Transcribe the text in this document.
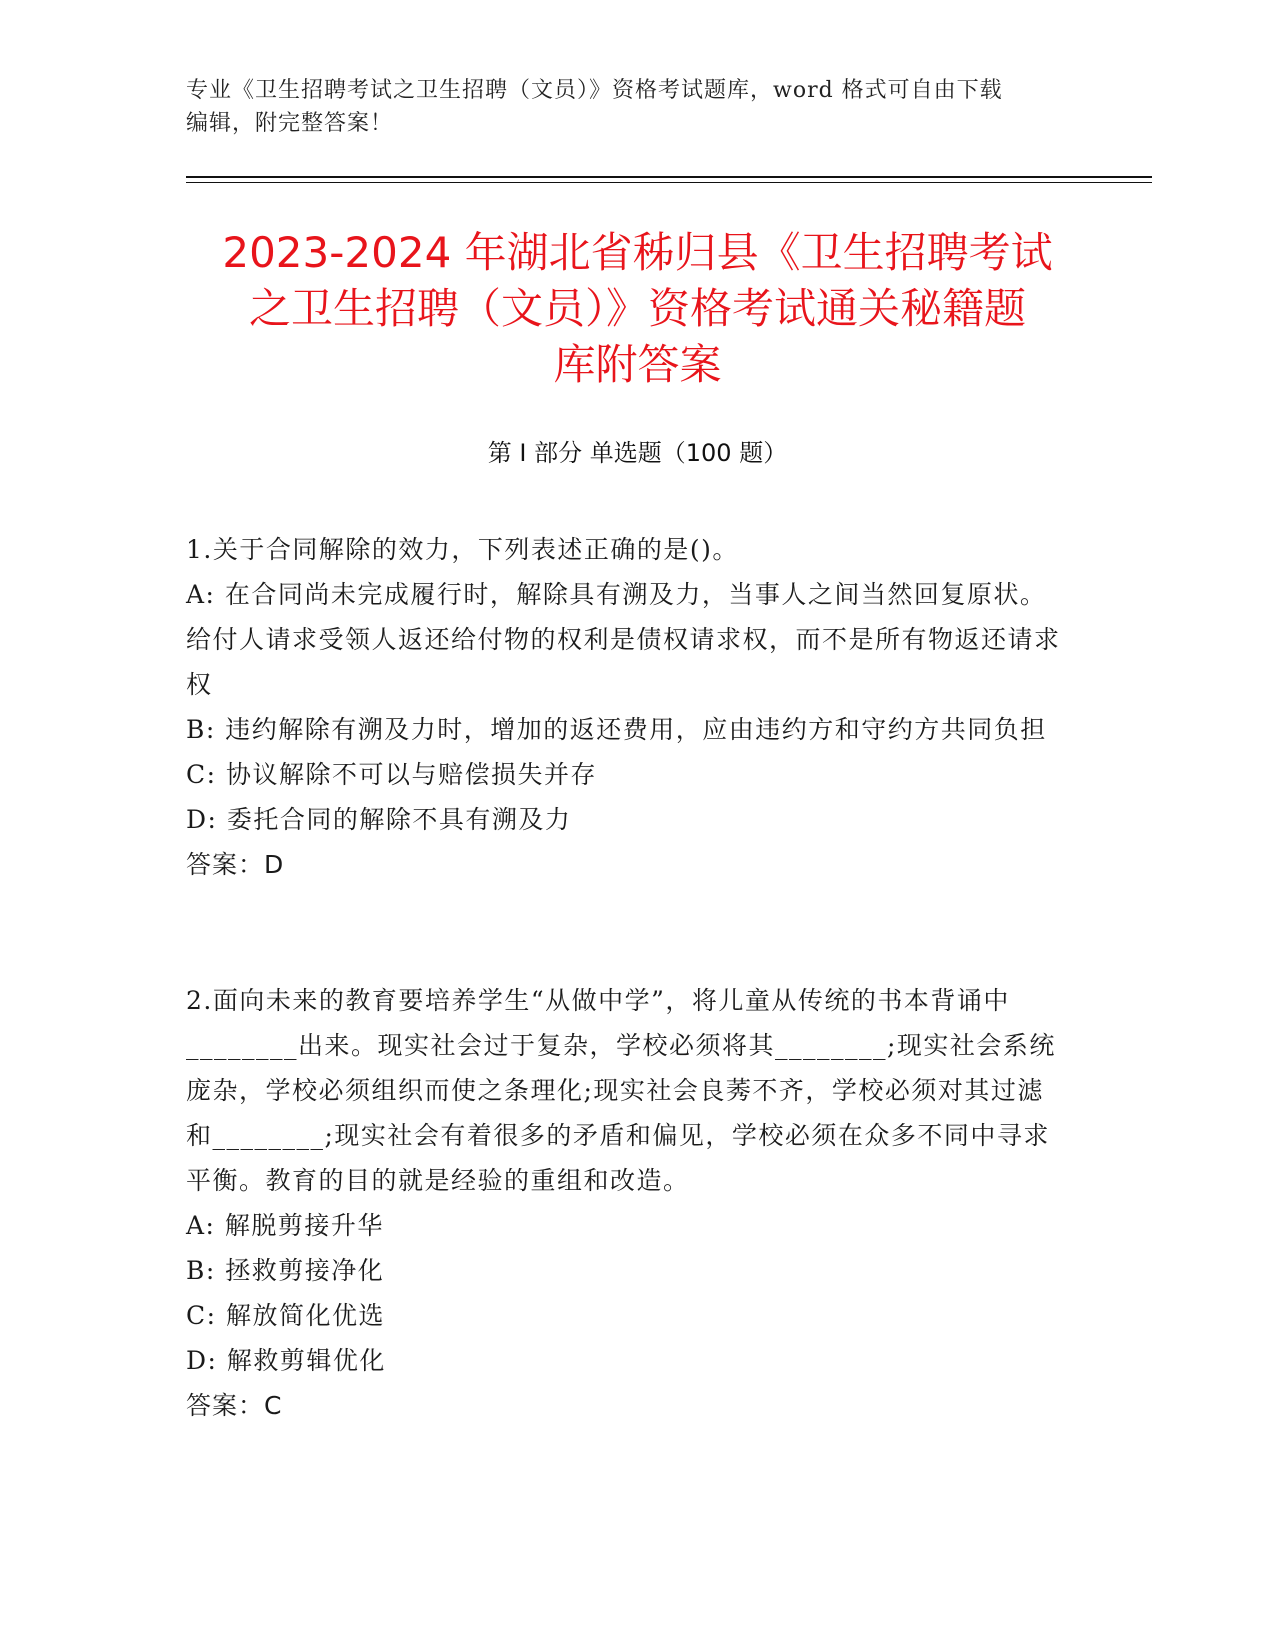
专业《卫生招聘考试之卫生招聘（文员）》资格考试题库，word 格式可自由下载
编辑，附完整答案！
2023-2024 年湖北省秭归县《卫生招聘考试
之卫生招聘（文员）》资格考试通关秘籍题
库附答案
第 I 部分 单选题（100 题）

1.关于合同解除的效力，下列表述正确的是()。

A: 在合同尚未完成履行时，解除具有溯及力，当事人之间当然回复原状。给付人请求受领人返还给付物的权利是债权请求权，而不是所有物返还请求权

B: 违约解除有溯及力时，增加的返还费用，应由违约方和守约方共同负担

C: 协议解除不可以与赔偿损失并存

D: 委托合同的解除不具有溯及力

答案：D

2.面向未来的教育要培养学生“从做中学”，将儿童从传统的书本背诵中________出来。现实社会过于复杂，学校必须将其________;现实社会系统庞杂，学校必须组织而使之条理化;现实社会良莠不齐，学校必须对其过滤和________;现实社会有着很多的矛盾和偏见，学校必须在众多不同中寻求平衡。教育的目的就是经验的重组和改造。

A: 解脱剪接升华

B: 拯救剪接净化

C: 解放简化优选

D: 解救剪辑优化

答案：C
